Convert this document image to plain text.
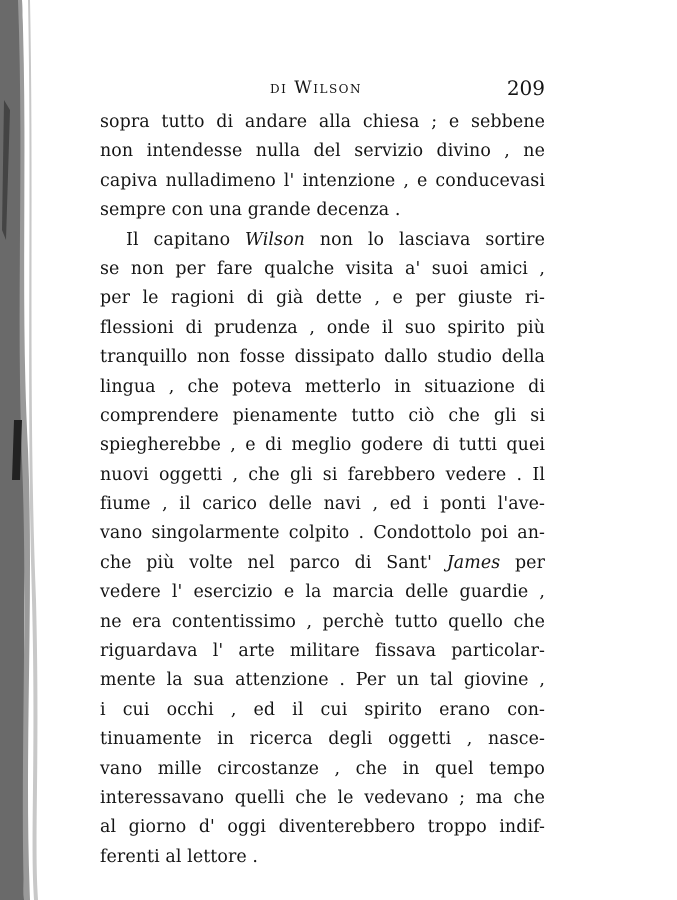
di Wilson	209
sopra tutto di andare alla chiesa ; e sebbene
non intendesse nulla del servizio divino , ne
capiva nulladimeno l' intenzione , e conducevasi
sempre con una grande decenza .
Il capitano Wilson non lo lasciava sortire
se non per fare qualche visita a' suoi amici ,
per le ragioni di già dette , e per giuste ri-
flessioni di prudenza , onde il suo spirito più
tranquillo non fosse dissipato dallo studio della
lingua , che poteva metterlo in situazione di
comprendere pienamente tutto ciò che gli si
spiegherebbe , e di meglio godere di tutti quei
nuovi oggetti , che gli si farebbero vedere . Il
fiume , il carico delle navi , ed i ponti l'ave-
vano singolarmente colpito . Condottolo poi an-
che più volte nel parco di Sant' James per
vedere l' esercizio e la marcia delle guardie ,
ne era contentissimo , perchè tutto quello che
riguardava l' arte militare fissava particolar-
mente la sua attenzione . Per un tal giovine ,
i cui occhi , ed il cui spirito erano con-
tinuamente in ricerca degli oggetti , nasce-
vano mille circostanze , che in quel tempo
interessavano quelli che le vedevano ; ma che
al giorno d' oggi diventerebbero troppo indif-
ferenti al lettore .
